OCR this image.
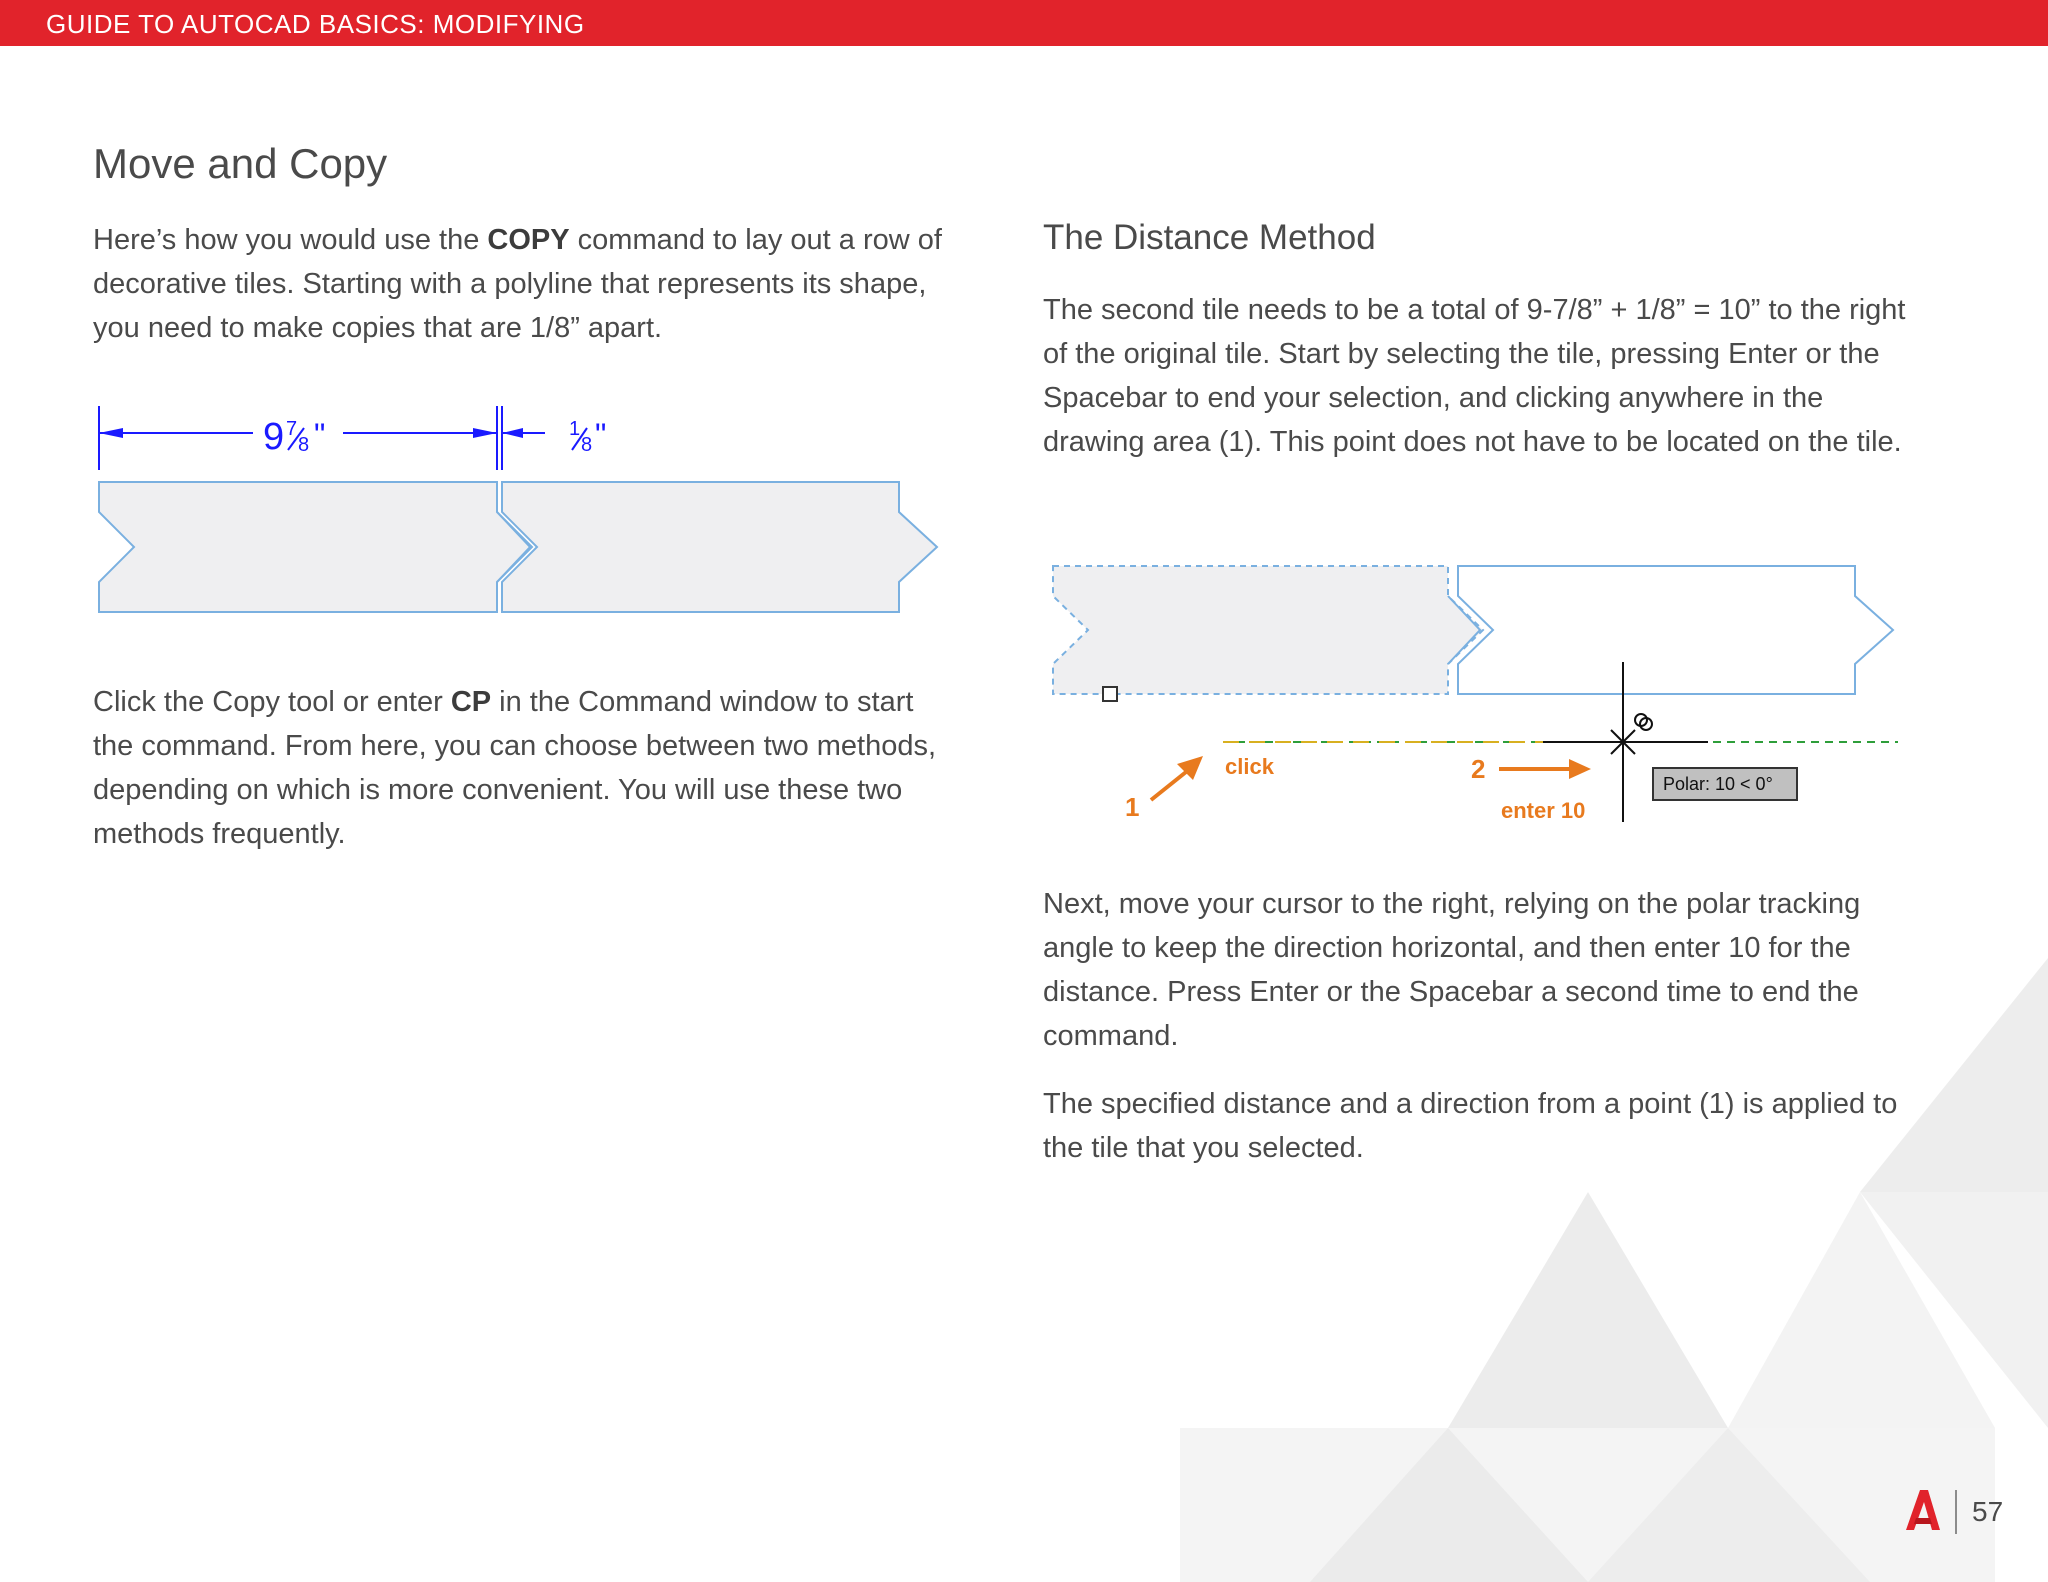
GUIDE TO AUTOCAD BASICS: MODIFYING
Move and Copy
Here’s how you would use the COPY command to lay out a row of decorative tiles. Starting with a polyline that represents its shape, you need to make copies that are 1/8” apart.
9 7
8 "	1
8 "
Click the Copy tool or enter CP in the Command window to start the command. From here, you can choose between two methods, depending on which is more convenient. You will use these two methods frequently.
The Distance Method
The second tile needs to be a total of 9-7/8” + 1/8” = 10” to the right of the original tile. Start by selecting the tile, pressing Enter or the Spacebar to end your selection, and clicking anywhere in the drawing area (1). This point does not have to be located on the tile.
Polar: 10 < 0°
1
click	2
enter 10
Next, move your cursor to the right, relying on the polar tracking angle to keep the direction horizontal, and then enter 10 for the distance. Press Enter or the Spacebar a second time to end the command.
The specified distance and a direction from a point (1) is applied to the tile that you selected.
57
